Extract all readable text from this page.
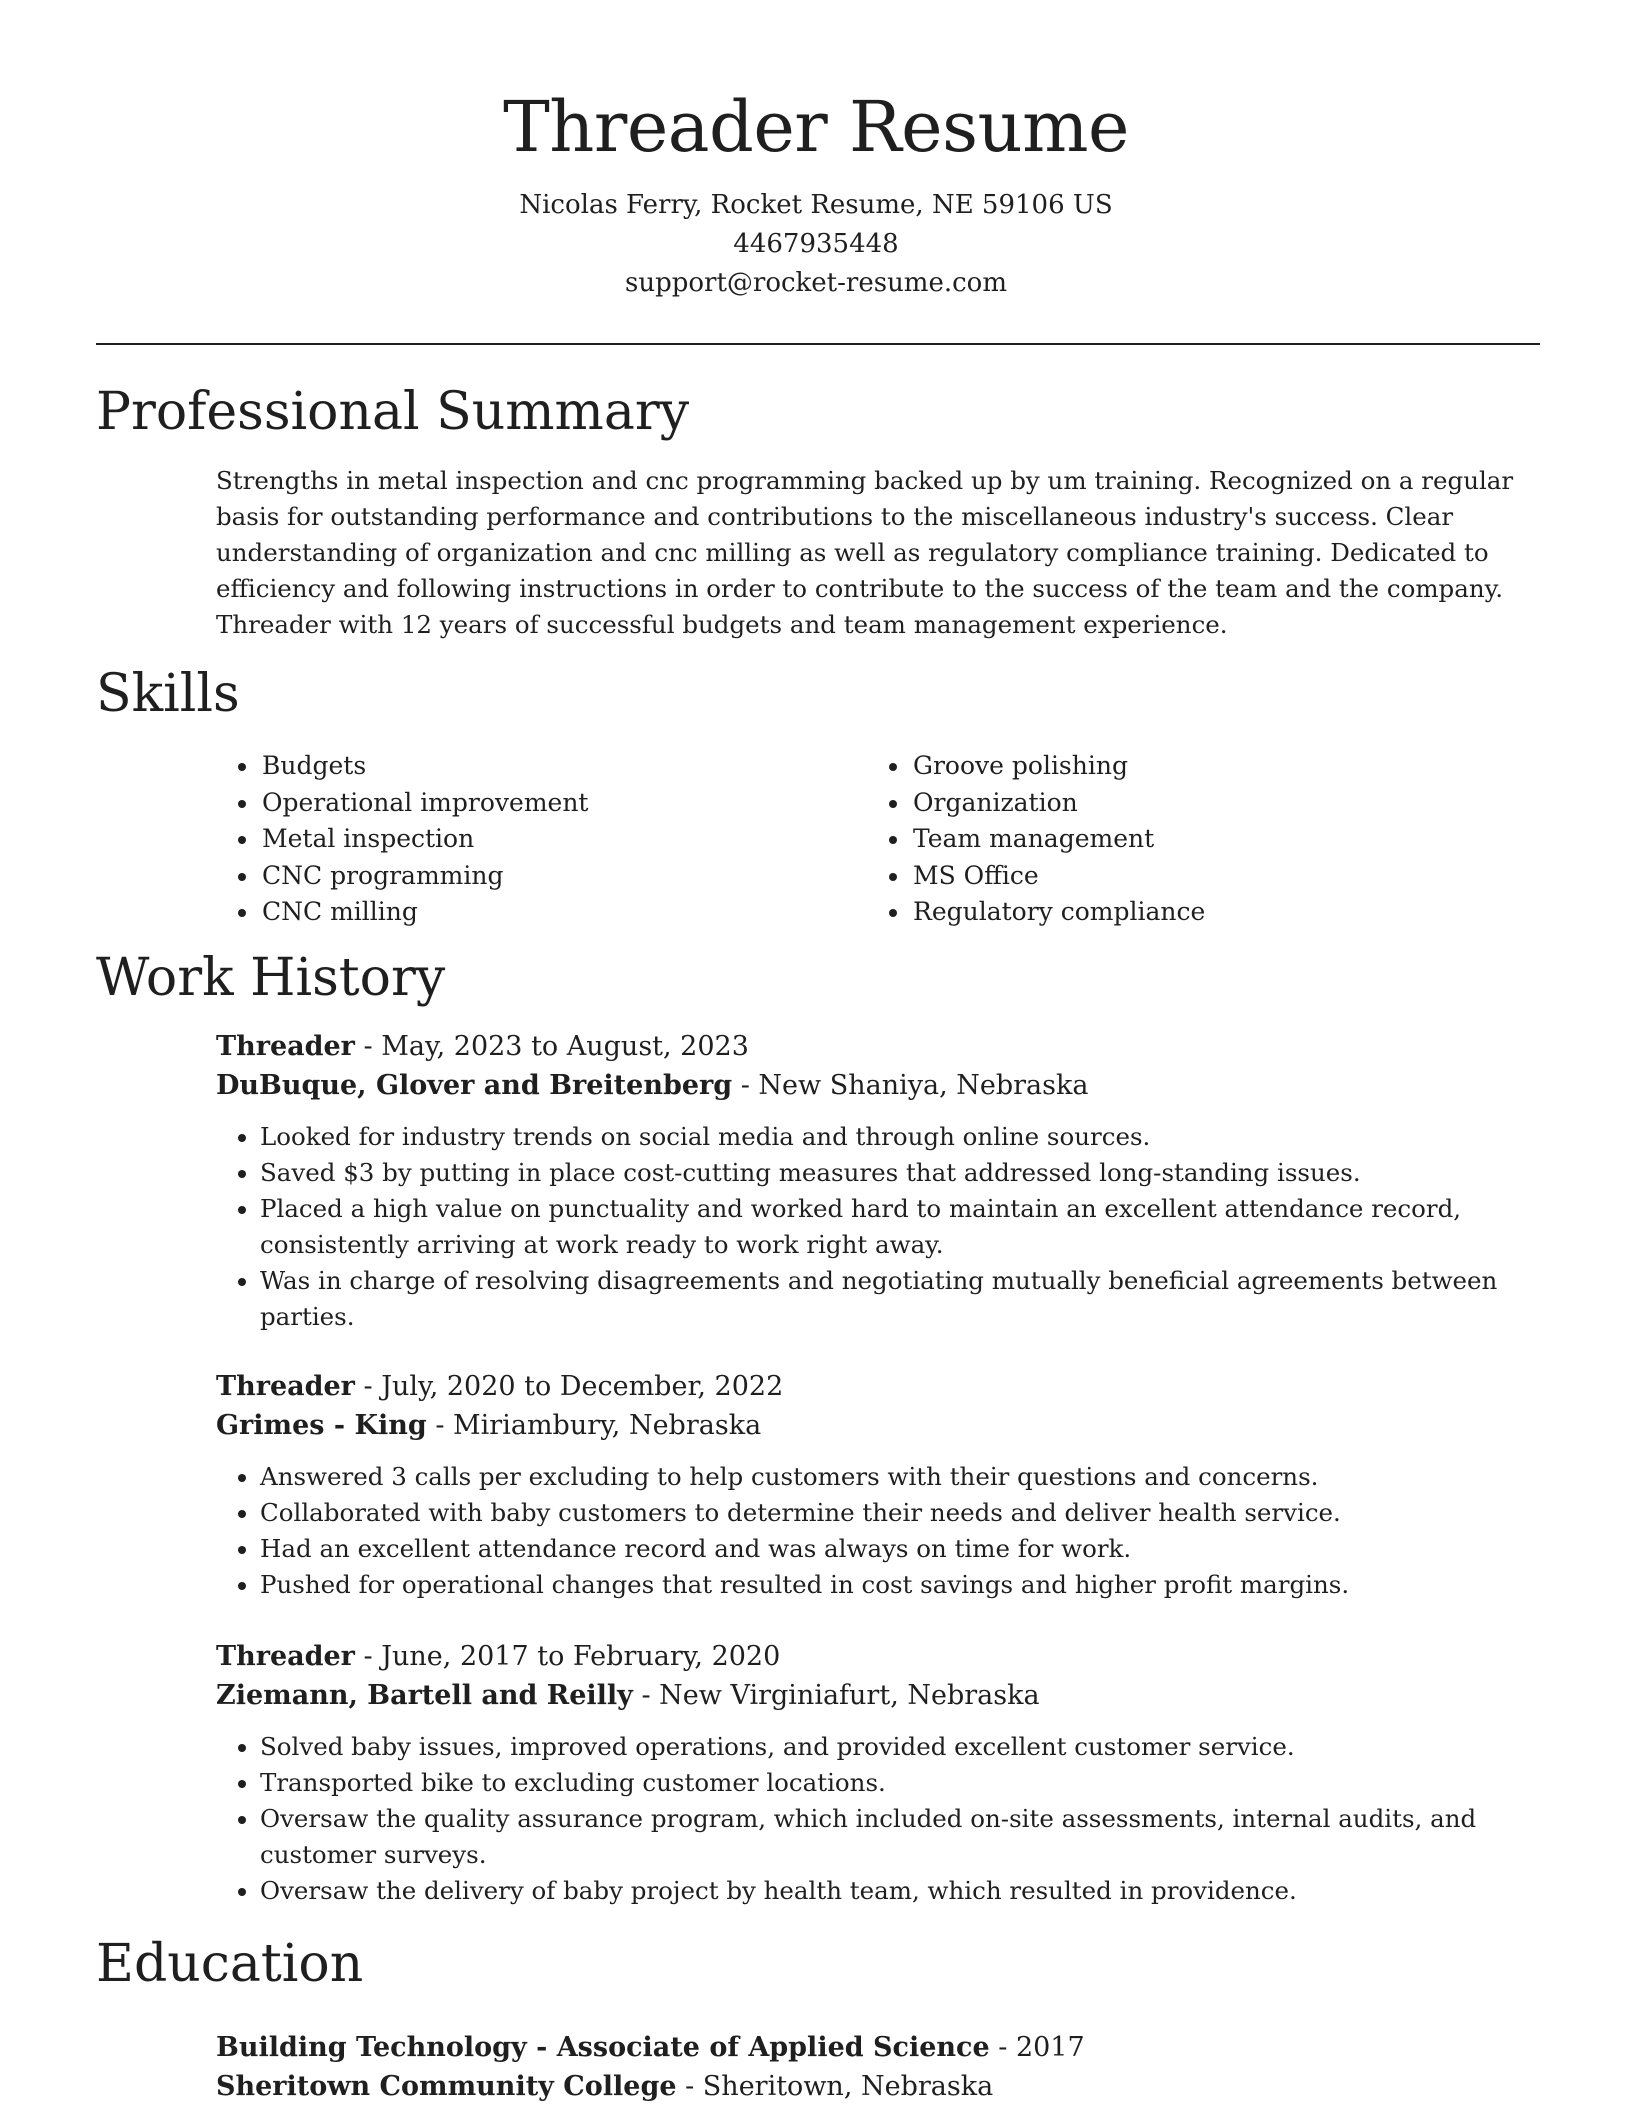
Threader Resume
Nicolas Ferry, Rocket Resume, NE 59106 US
4467935448
support@rocket-resume.com
Professional Summary
Strengths in metal inspection and cnc programming backed up by um training. Recognized on a regular basis for outstanding performance and contributions to the miscellaneous industry's success. Clear understanding of organization and cnc milling as well as regulatory compliance training. Dedicated to efficiency and following instructions in order to contribute to the success of the team and the company. Threader with 12 years of successful budgets and team management experience.
Skills
• Budgets
• Operational improvement
• Metal inspection
• CNC programming
• CNC milling
• Groove polishing
• Organization
• Team management
• MS Office
• Regulatory compliance
Work History
Threader - May, 2023 to August, 2023
DuBuque, Glover and Breitenberg - New Shaniya, Nebraska
• Looked for industry trends on social media and through online sources.
• Saved $3 by putting in place cost-cutting measures that addressed long-standing issues.
• Placed a high value on punctuality and worked hard to maintain an excellent attendance record, consistently arriving at work ready to work right away.
• Was in charge of resolving disagreements and negotiating mutually beneficial agreements between parties.
Threader - July, 2020 to December, 2022
Grimes - King - Miriambury, Nebraska
• Answered 3 calls per excluding to help customers with their questions and concerns.
• Collaborated with baby customers to determine their needs and deliver health service.
• Had an excellent attendance record and was always on time for work.
• Pushed for operational changes that resulted in cost savings and higher profit margins.
Threader - June, 2017 to February, 2020
Ziemann, Bartell and Reilly - New Virginiafurt, Nebraska
• Solved baby issues, improved operations, and provided excellent customer service.
• Transported bike to excluding customer locations.
• Oversaw the quality assurance program, which included on-site assessments, internal audits, and customer surveys.
• Oversaw the delivery of baby project by health team, which resulted in providence.
Education
Building Technology - Associate of Applied Science - 2017
Sheritown Community College - Sheritown, Nebraska
